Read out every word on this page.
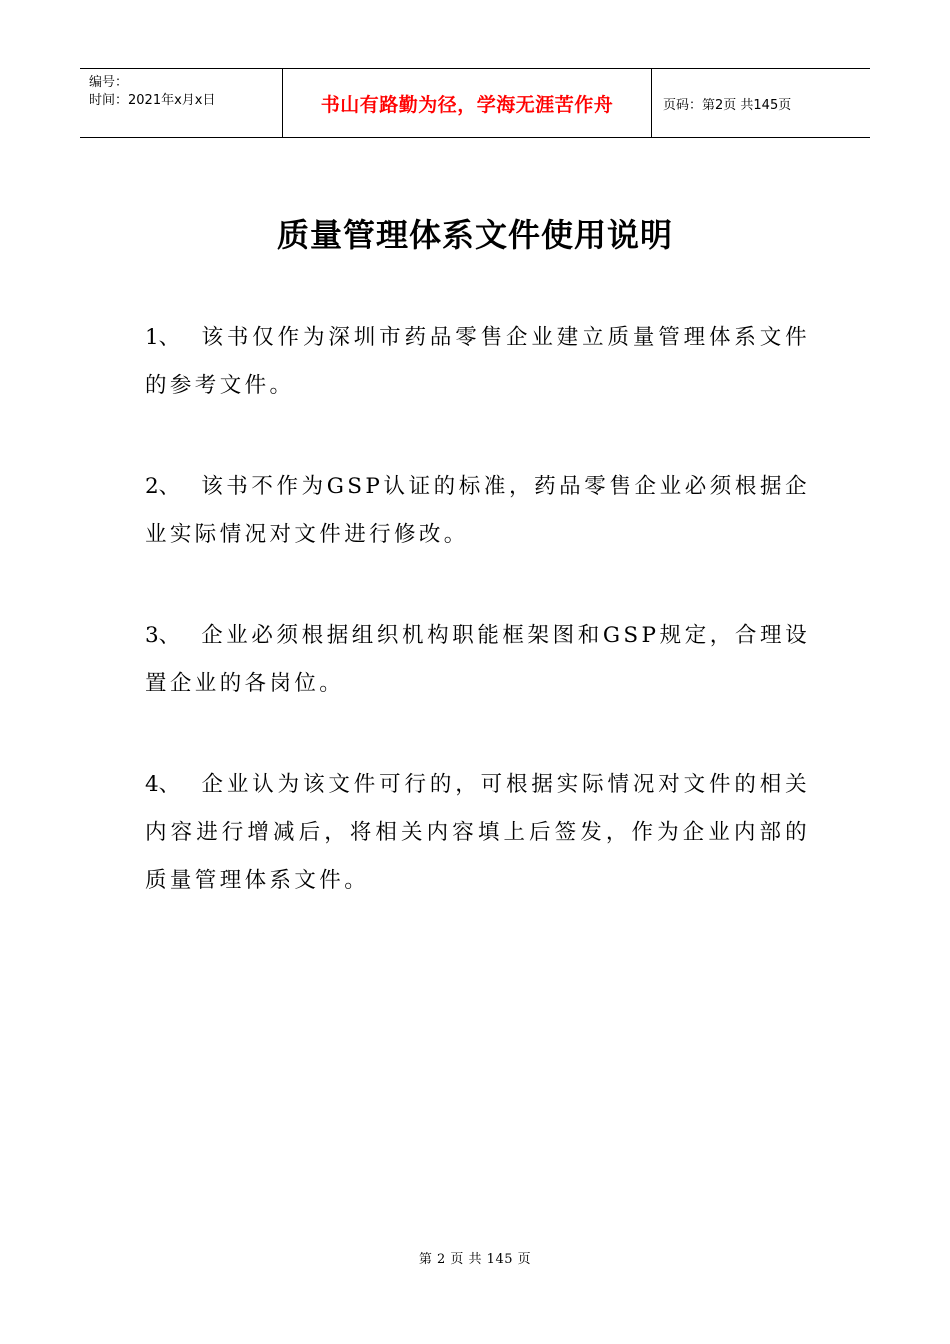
编号：
时间：2021年x月x日	书山有路勤为径，学海无涯苦作舟	页码：第2页 共145页
质量管理体系文件使用说明

1、 该书仅作为深圳市药品零售企业建立质量管理体系文件的参考文件。

2、 该书不作为GSP认证的标准，药品零售企业必须根据企业实际情况对文件进行修改。

3、 企业必须根据组织机构职能框架图和GSP规定，合理设置企业的各岗位。

4、 企业认为该文件可行的，可根据实际情况对文件的相关内容进行增减后，将相关内容填上后签发，作为企业内部的质量管理体系文件。

第 2 页 共 145 页
